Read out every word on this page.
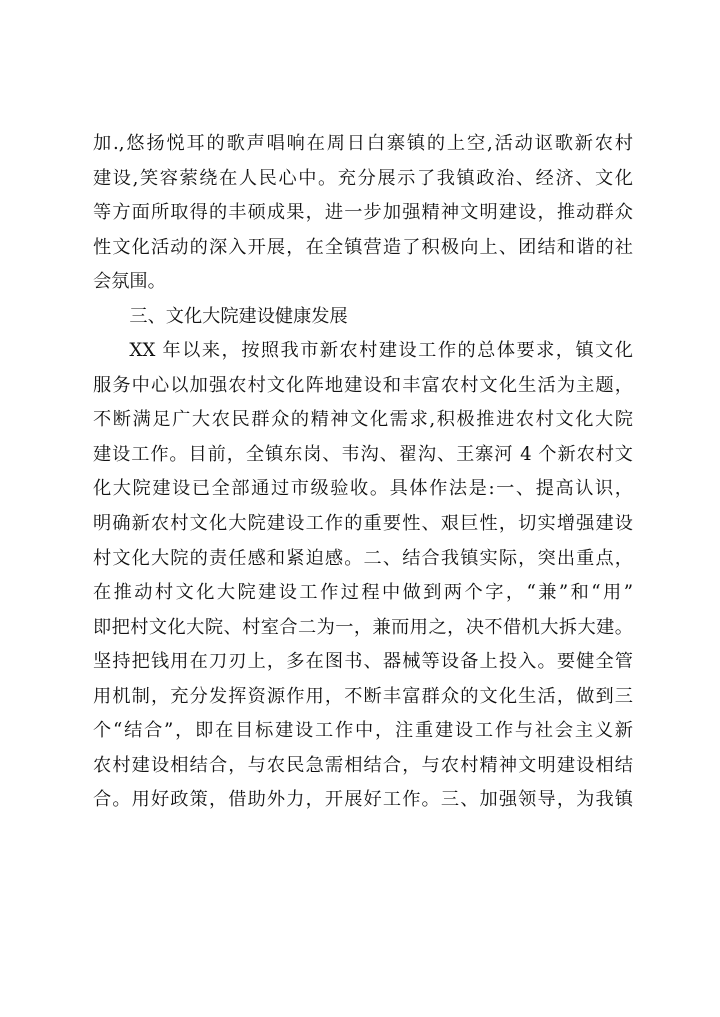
加.,悠扬悦耳的歌声唱响在周日白寨镇的上空,活动讴歌新农村
建设,笑容萦绕在人民心中。充分展示了我镇政治、经济、文化
等方面所取得的丰硕成果，进一步加强精神文明建设，推动群众
性文化活动的深入开展，在全镇营造了积极向上、团结和谐的社
会氛围。
三、文化大院建设健康发展
XX 年以来，按照我市新农村建设工作的总体要求，镇文化
服务中心以加强农村文化阵地建设和丰富农村文化生活为主题，
不断满足广大农民群众的精神文化需求,积极推进农村文化大院
建设工作。目前，全镇东岗、韦沟、翟沟、王寨河 4 个新农村文
化大院建设已全部通过市级验收。具体作法是:一、提高认识，
明确新农村文化大院建设工作的重要性、艰巨性，切实增强建设
村文化大院的责任感和紧迫感。二、结合我镇实际，突出重点，
在推动村文化大院建设工作过程中做到两个字，“兼”和“用”
即把村文化大院、村室合二为一，兼而用之，决不借机大拆大建。
坚持把钱用在刀刃上，多在图书、器械等设备上投入。要健全管
用机制，充分发挥资源作用，不断丰富群众的文化生活，做到三
个“结合”，即在目标建设工作中，注重建设工作与社会主义新
农村建设相结合，与农民急需相结合，与农村精神文明建设相结
合。用好政策，借助外力，开展好工作。三、加强领导，为我镇
